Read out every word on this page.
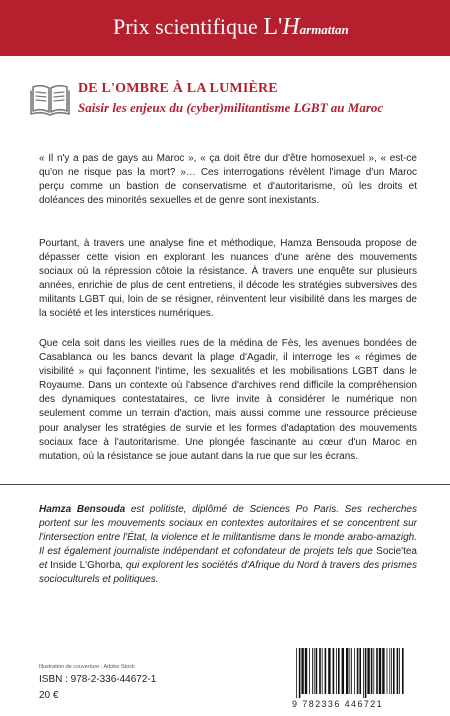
Prix scientifique L'Harmattan
DE L'OMBRE À LA LUMIÈRE
Saisir les enjeux du (cyber)militantisme LGBT au Maroc

« Il n'y a pas de gays au Maroc », « ça doit être dur d'être homosexuel », « est-ce qu'on ne risque pas la mort? »… Ces interrogations révèlent l'image d'un Maroc perçu comme un bastion de conservatisme et d'autoritarisme, où les droits et doléances des minorités sexuelles et de genre sont inexistants.

Pourtant, à travers une analyse fine et méthodique, Hamza Bensouda propose de dépasser cette vision en explorant les nuances d'une arène des mouvements sociaux où la répression côtoie la résistance. À travers une enquête sur plusieurs années, enrichie de plus de cent entretiens, il décode les stratégies subversives des militants LGBT qui, loin de se résigner, réinventent leur visibilité dans les marges de la société et les interstices numériques.

Que cela soit dans les vieilles rues de la médina de Fès, les avenues bondées de Casablanca ou les bancs devant la plage d'Agadir, il interroge les « régimes de visibilité » qui façonnent l'intime, les sexualités et les mobilisations LGBT dans le Royaume. Dans un contexte où l'absence d'archives rend difficile la compréhension des dynamiques contestataires, ce livre invite à considérer le numérique non seulement comme un terrain d'action, mais aussi comme une ressource précieuse pour analyser les stratégies de survie et les formes d'adaptation des mouvements sociaux face à l'autoritarisme. Une plongée fascinante au cœur d'un Maroc en mutation, où la résistance se joue autant dans la rue que sur les écrans.

Hamza Bensouda est politiste, diplômé de Sciences Po Paris. Ses recherches portent sur les mouvements sociaux en contextes autoritaires et se concentrent sur l'intersection entre l'État, la violence et le militantisme dans le monde arabo-amazigh. Il est également journaliste indépendant et cofondateur de projets tels que Socie'tea et Inside L'Ghorba, qui explorent les sociétés d'Afrique du Nord à travers des prismes socioculturels et politiques.

Illustration de couverture : Adobe Stock
ISBN : 978-2-336-44672-1
20 €
9 782336 446721
